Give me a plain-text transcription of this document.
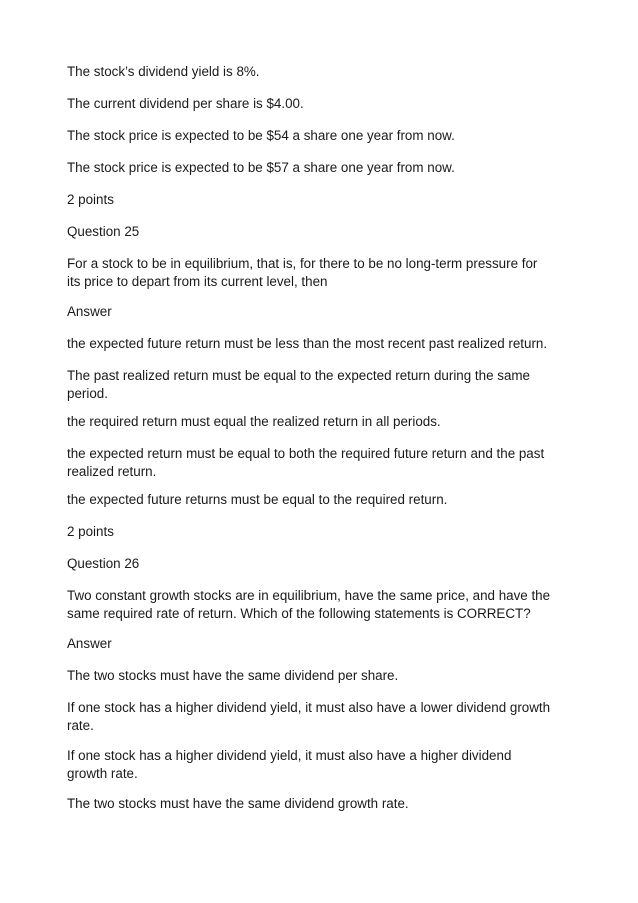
The stock’s dividend yield is 8%.

The current dividend per share is $4.00.

The stock price is expected to be $54 a share one year from now.

The stock price is expected to be $57 a share one year from now.

2 points

Question 25

For a stock to be in equilibrium, that is, for there to be no long-term pressure for
its price to depart from its current level, then

Answer

the expected future return must be less than the most recent past realized return.

The past realized return must be equal to the expected return during the same
period.

the required return must equal the realized return in all periods.

the expected return must be equal to both the required future return and the past
realized return.

the expected future returns must be equal to the required return.

2 points

Question 26

Two constant growth stocks are in equilibrium, have the same price, and have the
same required rate of return. Which of the following statements is CORRECT?

Answer

The two stocks must have the same dividend per share.

If one stock has a higher dividend yield, it must also have a lower dividend growth
rate.

If one stock has a higher dividend yield, it must also have a higher dividend
growth rate.

The two stocks must have the same dividend growth rate.
